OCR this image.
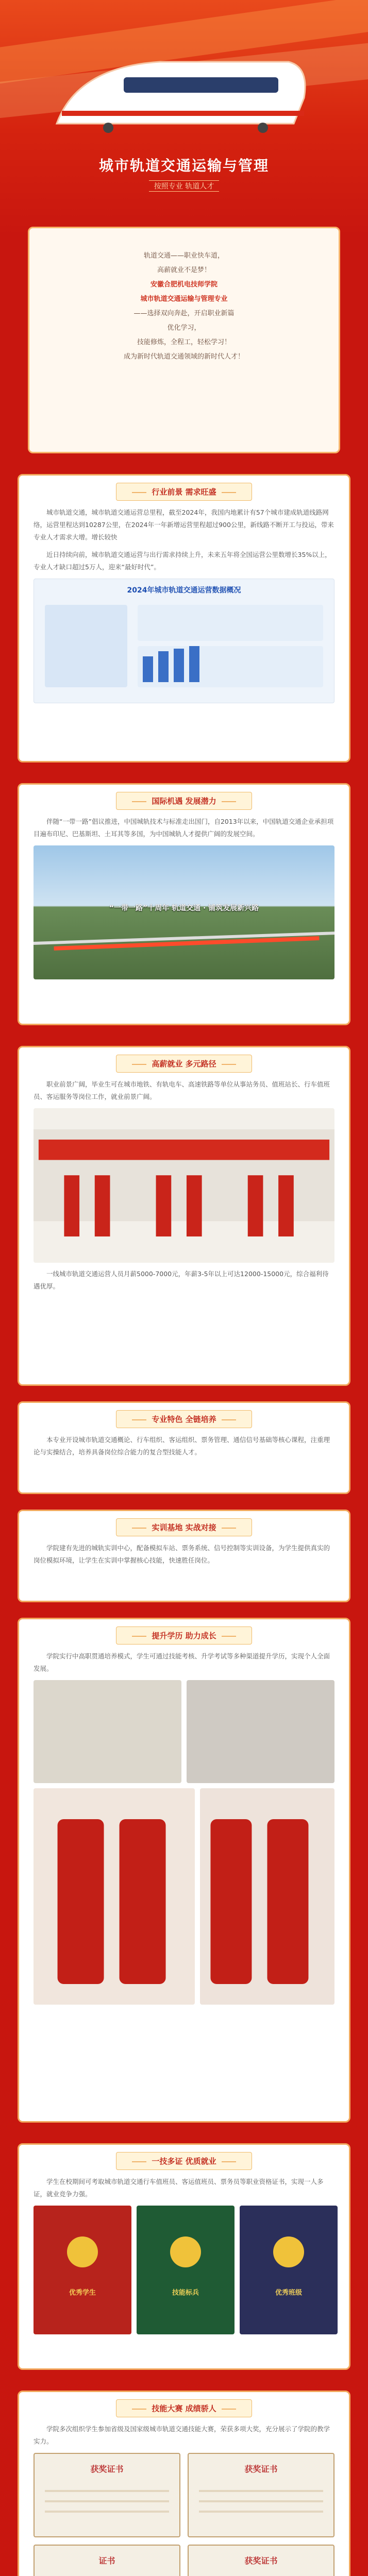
城市轨道交通运输与管理
按照专业 轨道人才
轨道交通——职业快车道，
高薪就业不是梦！
安徽合肥机电技师学院
城市轨道交通运输与管理专业
——选择双向奔赴，开启职业新篇
优化学习，
技能修炼，全程工，轻松学习！
成为新时代轨道交通领域的新时代人才！
行业前景 需求旺盛

城市轨道交通，城市轨道交通运营总里程，截至2024年，我国内地累计有57个城市建成轨道线路网络，运营里程达到10287公里，在2024年一年新增运营里程超过900公里，新线路不断开工与投运，带来专业人才需求大增。增长较快

近日持续向前，城市轨道交通运营与出行需求持续上升，未来五年将全国运营公里数增长35%以上，专业人才缺口超过5万人，迎来“最好时代”。

2024年城市轨道交通运营数据概况
国际机遇 发展潜力

伴随“一带一路”倡议推进，中国城轨技术与标准走出国门，自2013年以来，中国轨道交通企业承担项目遍布印尼、巴基斯坦、土耳其等多国，为中国城轨人才提供广阔的发展空间。

“一带一路”十周年 轨道交通 · 铺筑发展新兴路
高薪就业 多元路径

职业前景广阔，毕业生可在城市地铁、有轨电车、高速铁路等单位从事站务员、值班站长、行车值班员、客运服务等岗位工作，就业前景广阔。

一线城市轨道交通运营人员月薪5000-7000元，年薪3-5年以上可达12000-15000元，综合福利待遇优厚。

专业特色 全链培养

本专业开设城市轨道交通概论、行车组织、客运组织、票务管理、通信信号基础等核心课程，注重理论与实操结合，培养具备岗位综合能力的复合型技能人才。

实训基地 实战对接

学院建有先进的城轨实训中心，配备模拟车站、票务系统、信号控制等实训设备，为学生提供真实的岗位模拟环境，让学生在实训中掌握核心技能，快速胜任岗位。

提升学历 助力成长

学院实行中高职贯通培养模式，学生可通过技能考核、升学考试等多种渠道提升学历，实现个人全面发展。

一技多证 优质就业

学生在校期间可考取城市轨道交通行车值班员、客运值班员、票务员等职业资格证书，实现一人多证，就业竞争力强。

优秀学生	技能标兵	优秀班级
技能大赛 成绩骄人

学院多次组织学生参加省级及国家级城市轨道交通技能大赛，荣获多项大奖，充分展示了学院的教学实力。

获奖证书	获奖证书
证书	获奖证书
